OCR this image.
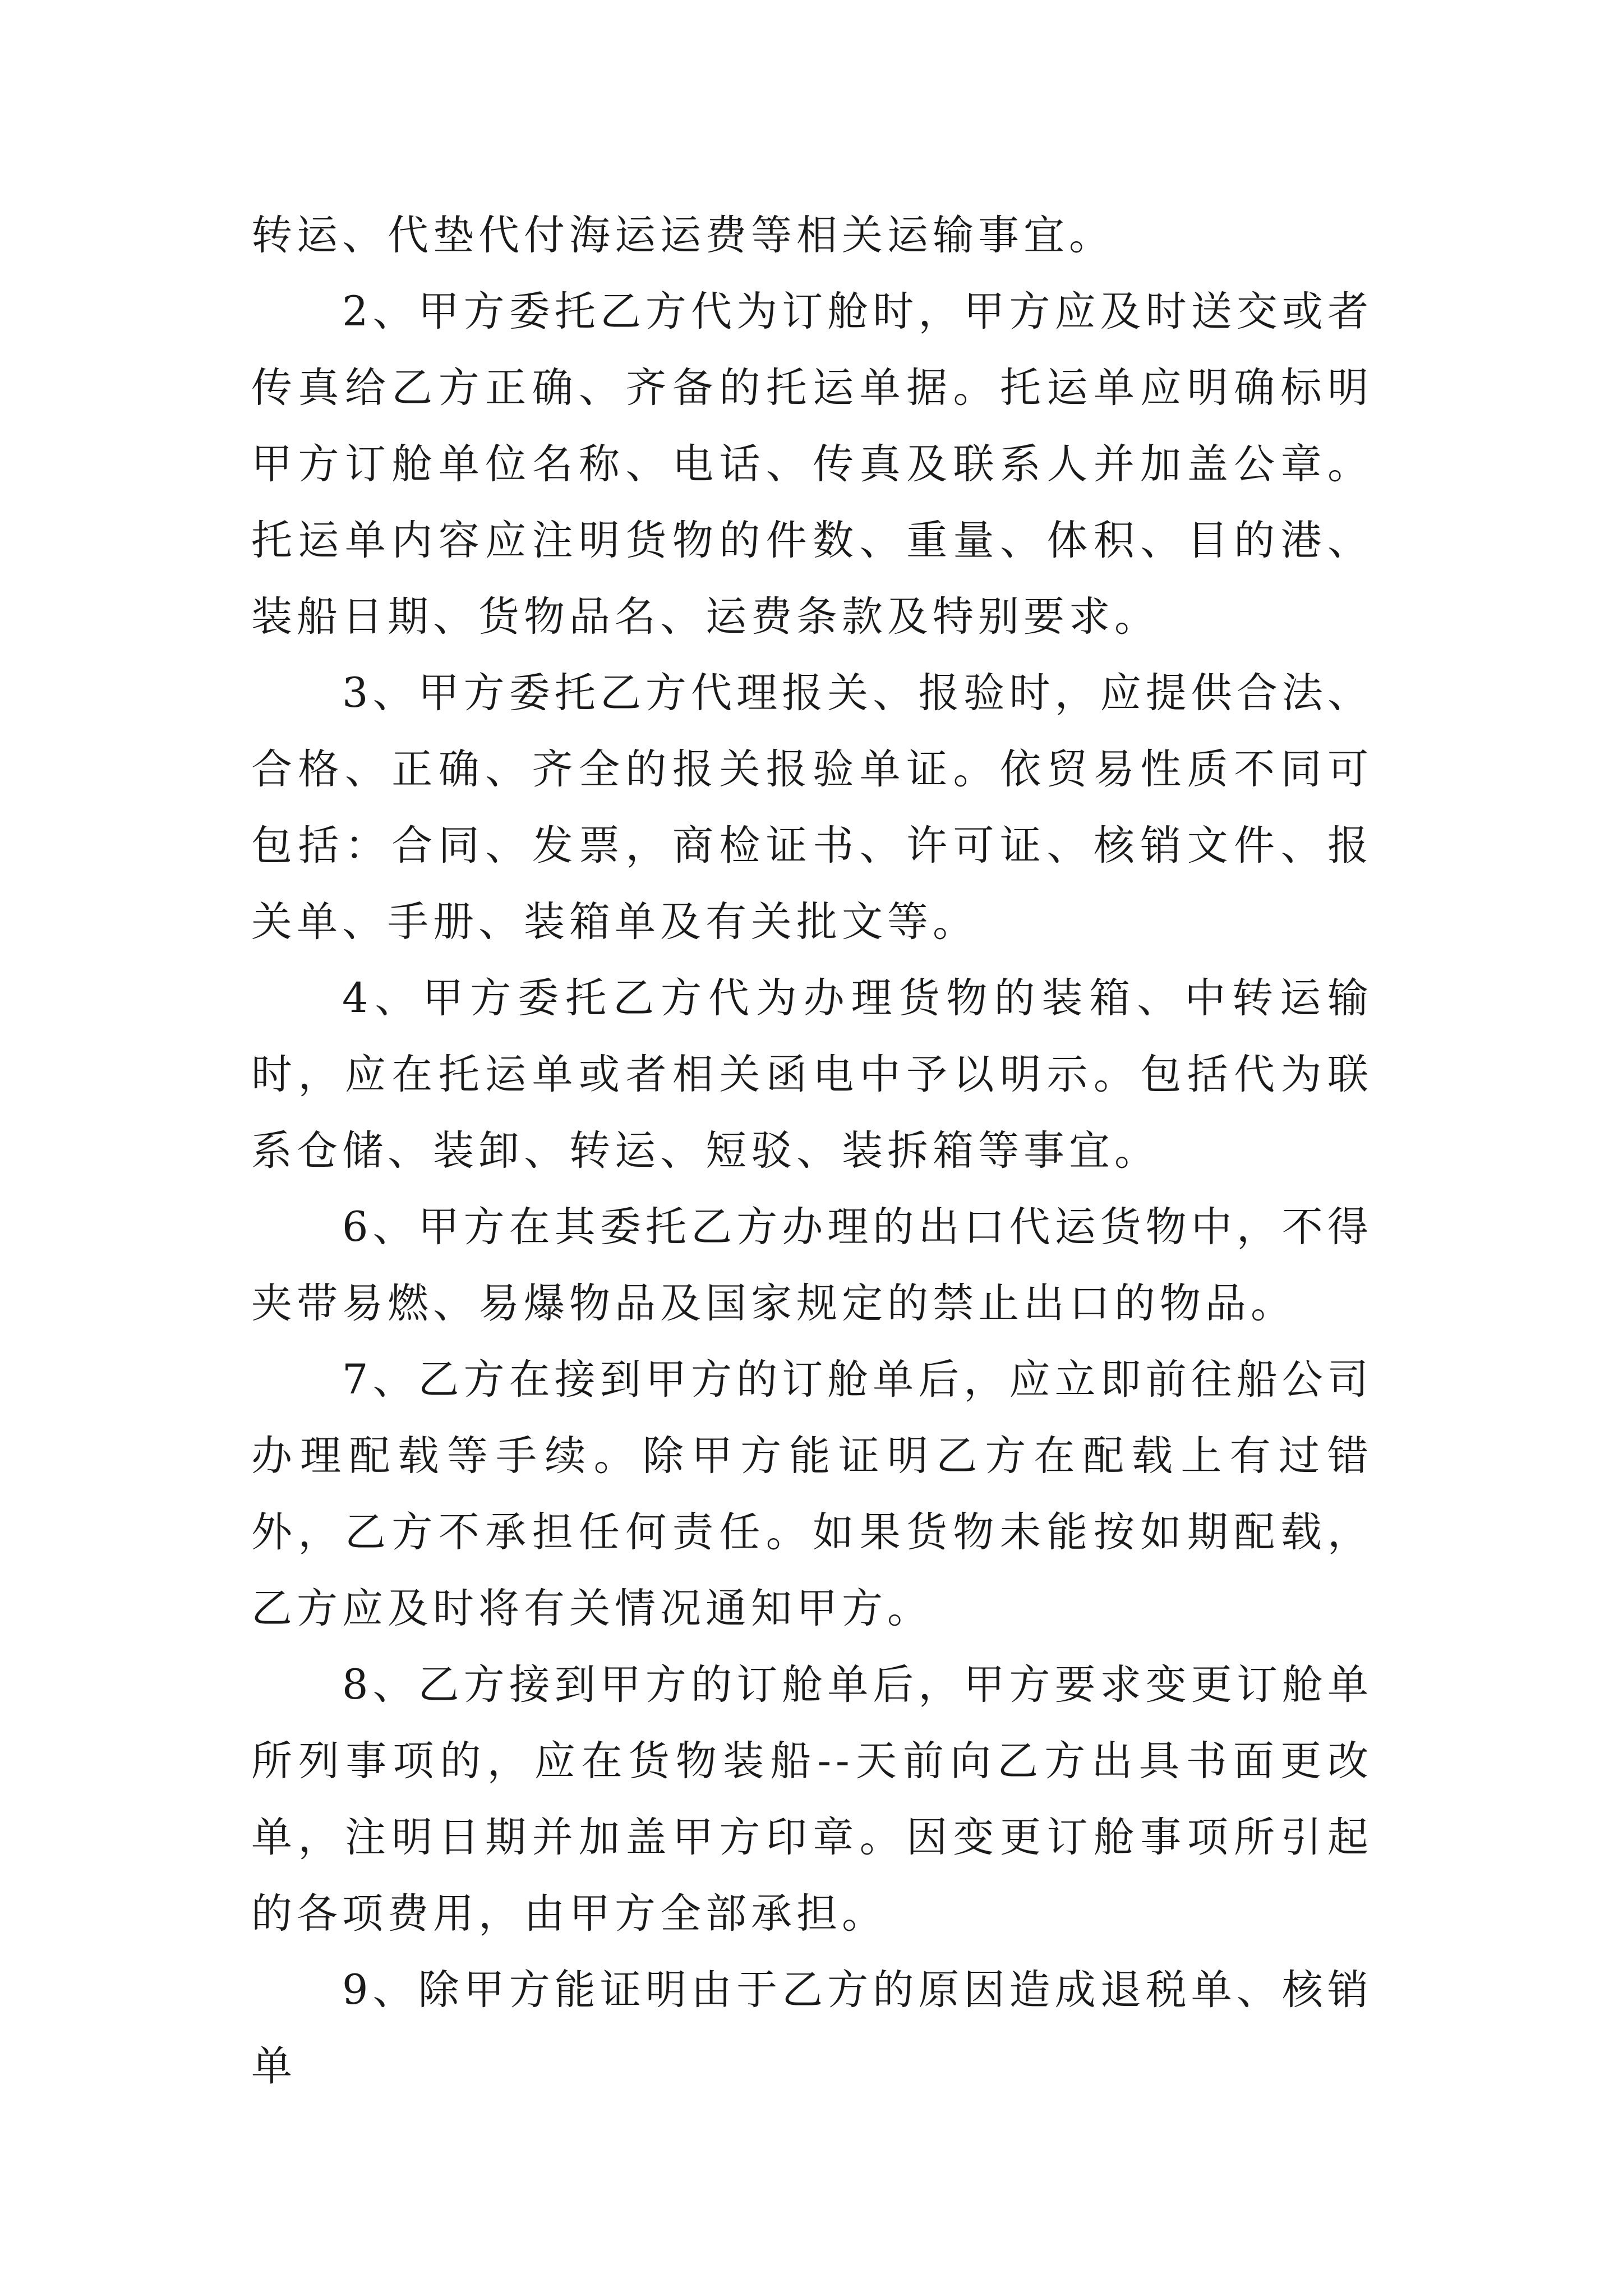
转运、代垫代付海运运费等相关运输事宜。

2、甲方委托乙方代为订舱时，甲方应及时送交或者传真给乙方正确、齐备的托运单据。托运单应明确标明甲方订舱单位名称、电话、传真及联系人并加盖公章。托运单内容应注明货物的件数、重量、体积、目的港、装船日期、货物品名、运费条款及特别要求。

3、甲方委托乙方代理报关、报验时，应提供合法、合格、正确、齐全的报关报验单证。依贸易性质不同可包括：合同、发票，商检证书、许可证、核销文件、报关单、手册、装箱单及有关批文等。

4、甲方委托乙方代为办理货物的装箱、中转运输时，应在托运单或者相关函电中予以明示。包括代为联系仓储、装卸、转运、短驳、装拆箱等事宜。

6、甲方在其委托乙方办理的出口代运货物中，不得夹带易燃、易爆物品及国家规定的禁止出口的物品。

7、乙方在接到甲方的订舱单后，应立即前往船公司办理配载等手续。除甲方能证明乙方在配载上有过错外，乙方不承担任何责任。如果货物未能按如期配载，乙方应及时将有关情况通知甲方。

8、乙方接到甲方的订舱单后，甲方要求变更订舱单所列事项的，应在货物装船--天前向乙方出具书面更改单，注明日期并加盖甲方印章。因变更订舱事项所引起的各项费用，由甲方全部承担。

9、除甲方能证明由于乙方的原因造成退税单、核销单
